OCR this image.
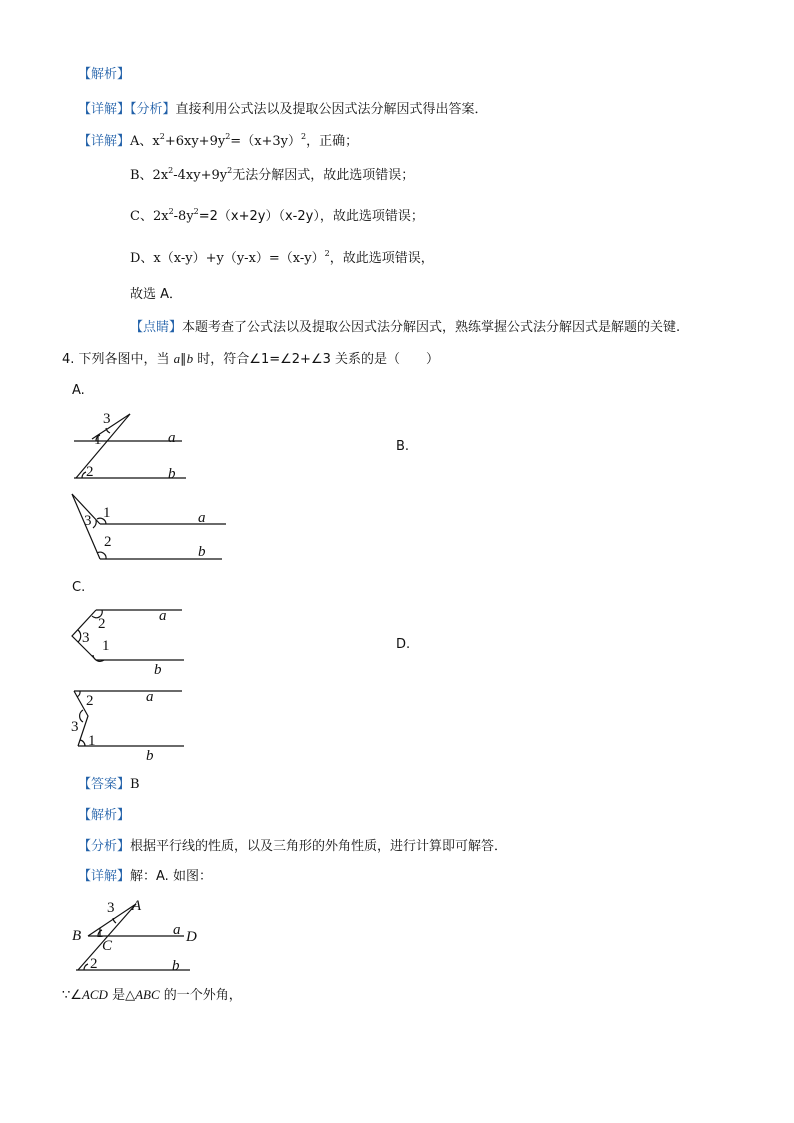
【解析】
【详解】【分析】直接利用公式法以及提取公因式法分解因式得出答案．
【详解】A、$x^2+6xy+9y^2=(x+3y)^2$，正确；
B、$2x^2-4xy+9y^2$无法分解因式，故此选项错误；
C、$2x^2-8y^2=2(x+2y)(x-2y)$，故此选项错误；
D、$x(x-y)+y(y-x)=(x-y)^2$，故此选项错误，
故选 A．
【点睛】本题考查了公式法以及提取公因式法分解因式，熟练掌握公式法分解因式是解题的关键.
4. 下列各图中，当 a∥b 时，符合∠1=∠2+∠3 关系的是（　　）
A.
B.
C.
D.
3
1
2
a
b
1
3
2
a
b
2
3 1
a
b
2
3
1
a
b
【答案】B
【解析】
【分析】根据平行线的性质，以及三角形的外角性质，进行计算即可解答．
【详解】解：A. 如图：
3 A
B 1
C
a D
2	b
∵∠ACD 是△ABC 的一个外角，
